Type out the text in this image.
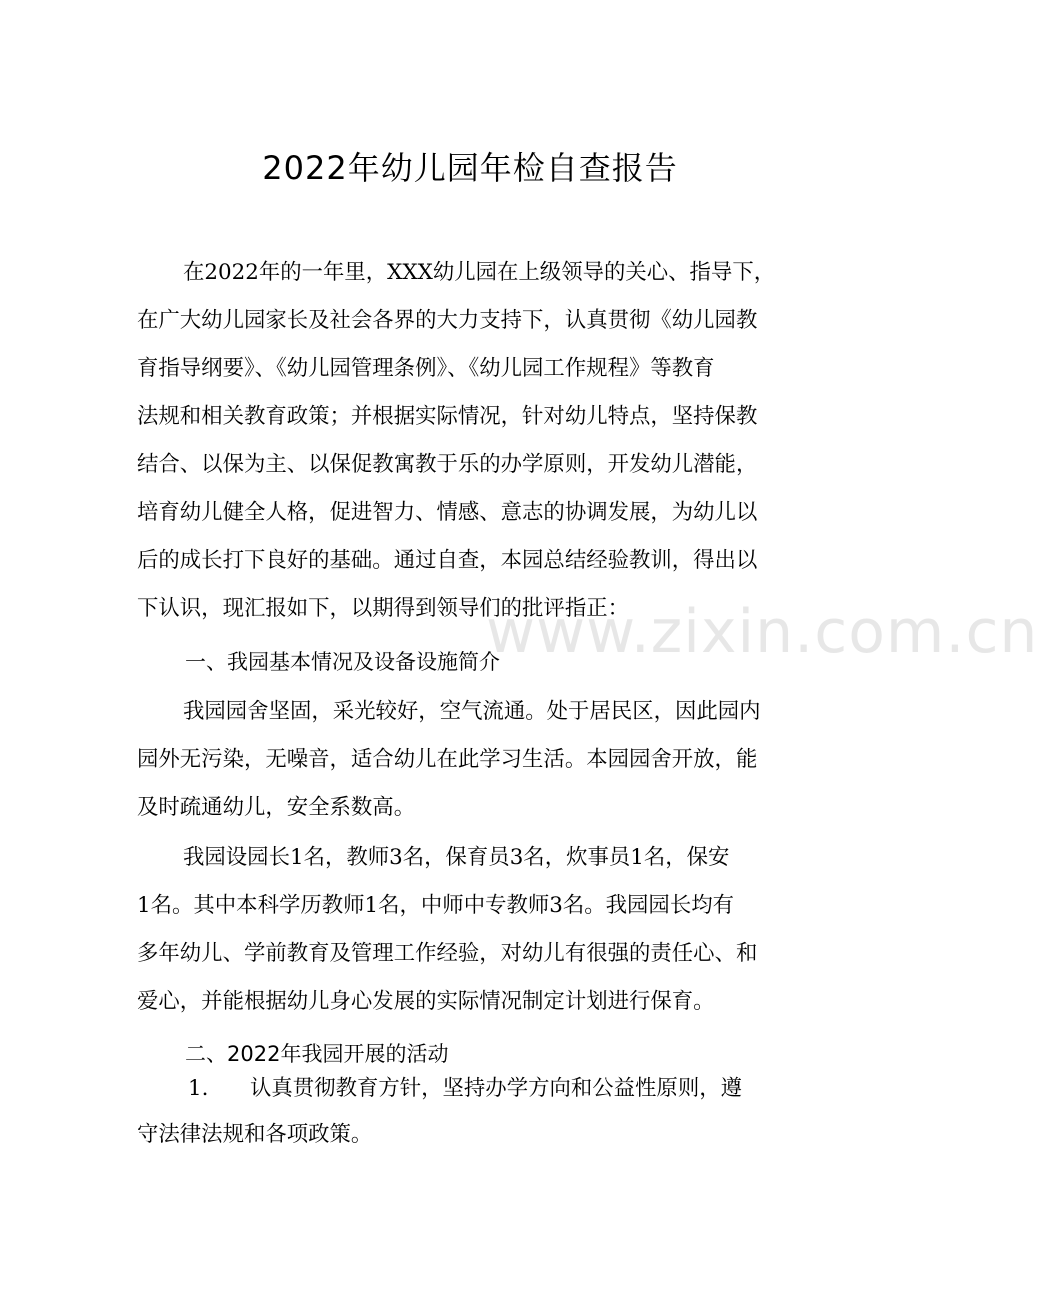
2022年幼儿园年检自查报告
在2022年的一年里，XXX幼儿园在上级领导的关心、指导下，
在广大幼儿园家长及社会各界的大力支持下，认真贯彻《幼儿园教
育指导纲要》、《幼儿园管理条例》、《幼儿园工作规程》等教育
法规和相关教育政策；并根据实际情况，针对幼儿特点，坚持保教
结合、以保为主、以保促教寓教于乐的办学原则，开发幼儿潜能，
培育幼儿健全人格，促进智力、情感、意志的协调发展，为幼儿以
后的成长打下良好的基础。通过自查，本园总结经验教训，得出以
下认识，现汇报如下，以期得到领导们的批评指正：
一、我园基本情况及设备设施简介
我园园舍坚固，采光较好，空气流通。处于居民区，因此园内
园外无污染，无噪音，适合幼儿在此学习生活。本园园舍开放，能
及时疏通幼儿，安全系数高。
我园设园长1名，教师3名，保育员3名，炊事员1名，保安
1名。其中本科学历教师1名，中师中专教师3名。我园园长均有
多年幼儿、学前教育及管理工作经验，对幼儿有很强的责任心、和
爱心，并能根据幼儿身心发展的实际情况制定计划进行保育。
二、2022年我园开展的活动
1. 认真贯彻教育方针，坚持办学方向和公益性原则，遵
守法律法规和各项政策。
www.zixin.com.cn
